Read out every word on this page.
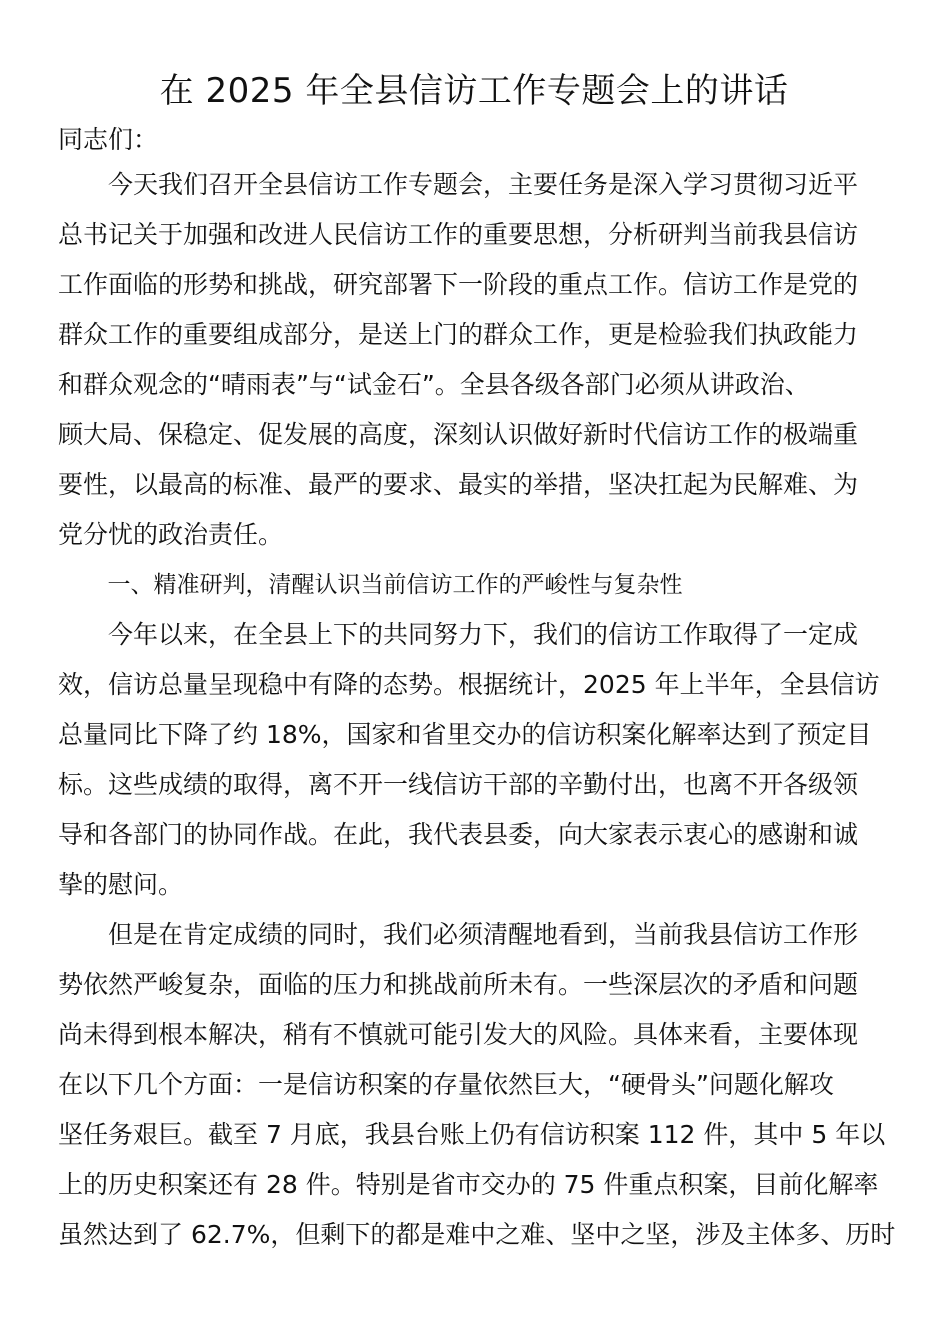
在 2025 年全县信访工作专题会上的讲话

同志们：

今天我们召开全县信访工作专题会，主要任务是深入学习贯彻习近平
总书记关于加强和改进人民信访工作的重要思想，分析研判当前我县信访
工作面临的形势和挑战，研究部署下一阶段的重点工作。信访工作是党的
群众工作的重要组成部分，是送上门的群众工作，更是检验我们执政能力
和群众观念的“晴雨表”与“试金石”。全县各级各部门必须从讲政治、
顾大局、保稳定、促发展的高度，深刻认识做好新时代信访工作的极端重
要性，以最高的标准、最严的要求、最实的举措，坚决扛起为民解难、为
党分忧的政治责任。

一、精准研判，清醒认识当前信访工作的严峻性与复杂性

今年以来，在全县上下的共同努力下，我们的信访工作取得了一定成
效，信访总量呈现稳中有降的态势。根据统计，2025 年上半年，全县信访
总量同比下降了约 18%，国家和省里交办的信访积案化解率达到了预定目
标。这些成绩的取得，离不开一线信访干部的辛勤付出，也离不开各级领
导和各部门的协同作战。在此，我代表县委，向大家表示衷心的感谢和诚
挚的慰问。
但是在肯定成绩的同时，我们必须清醒地看到，当前我县信访工作形
势依然严峻复杂，面临的压力和挑战前所未有。一些深层次的矛盾和问题
尚未得到根本解决，稍有不慎就可能引发大的风险。具体来看，主要体现
在以下几个方面：一是信访积案的存量依然巨大，“硬骨头”问题化解攻
坚任务艰巨。截至 7 月底，我县台账上仍有信访积案 112 件，其中 5 年以
上的历史积案还有 28 件。特别是省市交办的 75 件重点积案，目前化解率
虽然达到了 62.7%，但剩下的都是难中之难、坚中之坚，涉及主体多、历时
